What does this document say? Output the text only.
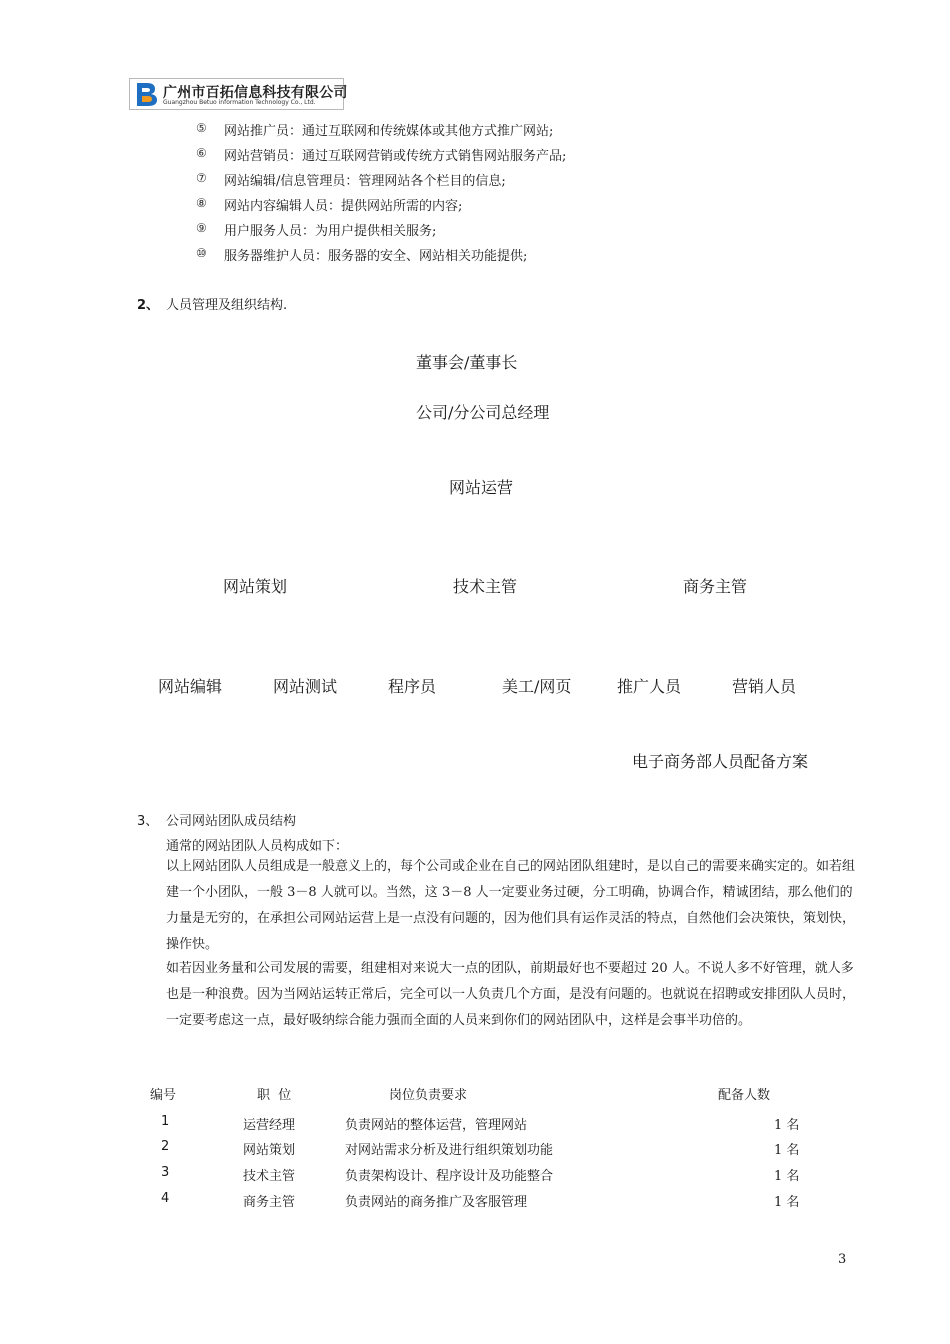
广州市百拓信息科技有限公司
Guangzhou Betuo information Technology Co., Ltd.
⑤ 网站推广员：通过互联网和传统媒体或其他方式推广网站;
⑥ 网站营销员：通过互联网营销或传统方式销售网站服务产品;
⑦ 网站编辑/信息管理员：管理网站各个栏目的信息;
⑧ 网站内容编辑人员：提供网站所需的内容;
⑨ 用户服务人员：为用户提供相关服务;
⑩ 服务器维护人员：服务器的安全、网站相关功能提供;
2、 人员管理及组织结构.
董事会/董事长
公司/分公司总经理
网站运营
网站策划	技术主管	商务主管
网站编辑	网站测试	程序员	美工/网页	推广人员	营销人员
电子商务部人员配备方案
3、 公司网站团队成员结构
通常的网站团队人员构成如下：
以上网站团队人员组成是一般意义上的，每个公司或企业在自己的网站团队组建时，是以自己的需要来确实定的。如若组建一个小团队，一般 3－8 人就可以。当然，这 3－8 人一定要业务过硬，分工明确，协调合作，精诚团结，那么他们的力量是无穷的，在承担公司网站运营上是一点没有问题的，因为他们具有运作灵活的特点，自然他们会决策快，策划快，操作快。
如若因业务量和公司发展的需要，组建相对来说大一点的团队，前期最好也不要超过 20 人。不说人多不好管理，就人多也是一种浪费。因为当网站运转正常后，完全可以一人负责几个方面，是没有问题的。也就说在招聘或安排团队人员时，一定要考虑这一点，最好吸纳综合能力强而全面的人员来到你们的网站团队中，这样是会事半功倍的。
编号	职  位	岗位负责要求	配备人数
1	运营经理	负责网站的整体运营，管理网站	1 名
2	网站策划	对网站需求分析及进行组织策划功能	1 名
3	技术主管	负责架构设计、程序设计及功能整合	1 名
4	商务主管	负责网站的商务推广及客服管理	1 名
3
